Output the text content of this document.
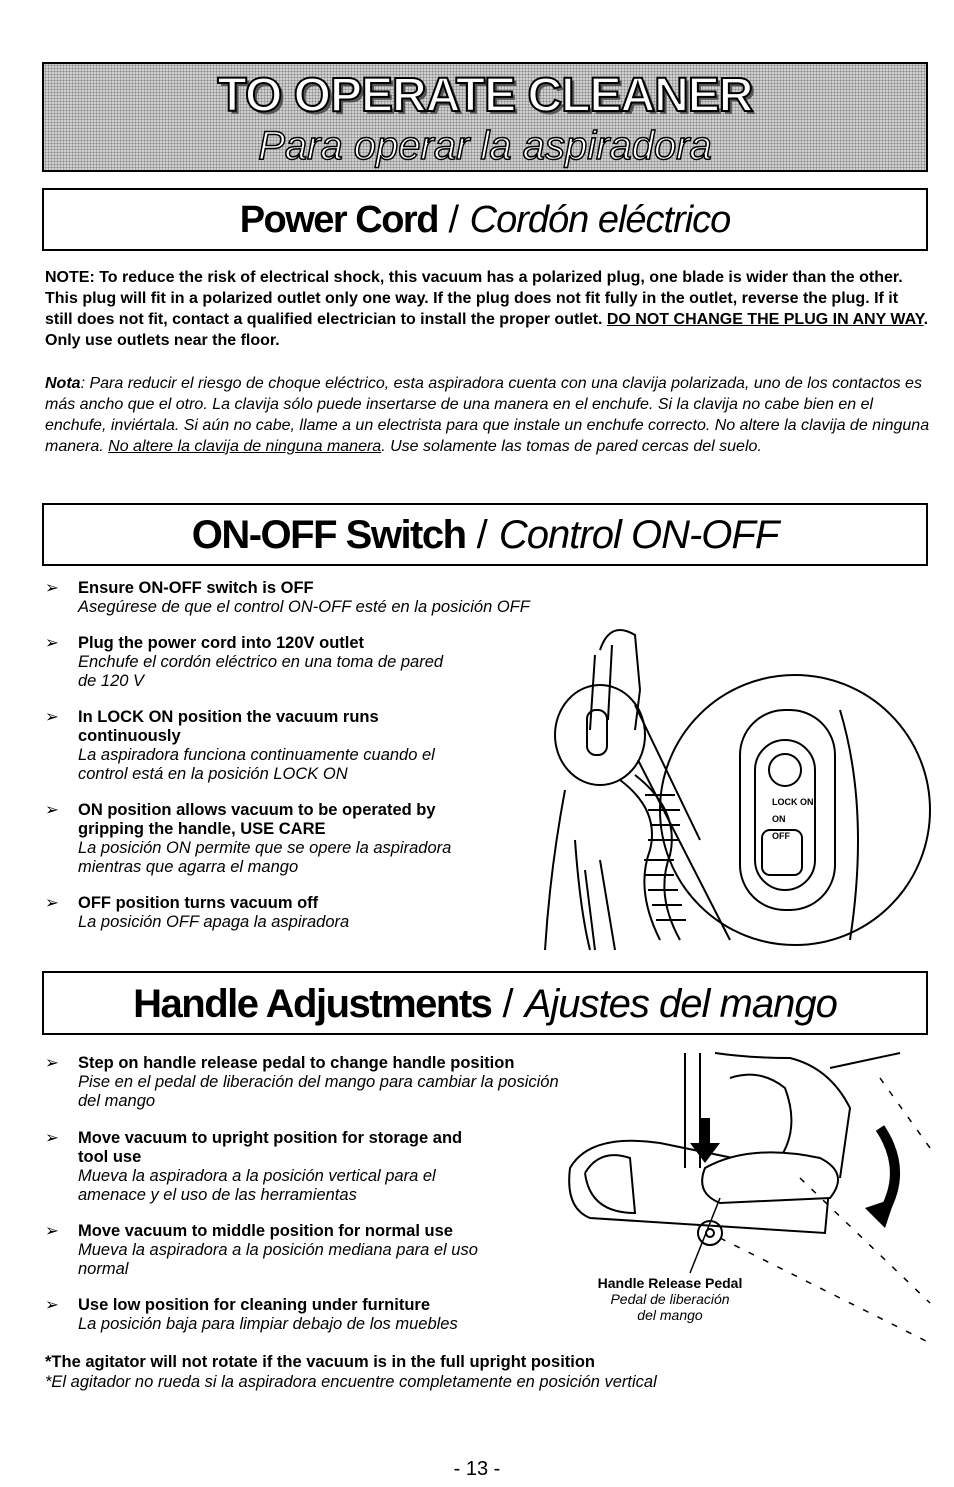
TO OPERATE CLEANER
Para operar la aspiradora
Power Cord / Cordón eléctrico
NOTE: To reduce the risk of electrical shock, this vacuum has a polarized plug, one blade is wider than the other. This plug will fit in a polarized outlet only one way. If the plug does not fit fully in the outlet, reverse the plug. If it still does not fit, contact a qualified electrician to install the proper outlet. DO NOT CHANGE THE PLUG IN ANY WAY. Only use outlets near the floor.
Nota: Para reducir el riesgo de choque eléctrico, esta aspiradora cuenta con una clavija polarizada, uno de los contactos es más ancho que el otro. La clavija sólo puede insertarse de una manera en el enchufe. Si la clavija no cabe bien en el enchufe, inviértala. Si aún no cabe, llame a un electrista para que instale un enchufe correcto. No altere la clavija de ninguna manera. No altere la clavija de ninguna manera. Use solamente las tomas de pared cercas del suelo.
ON-OFF Switch / Control ON-OFF
➢	Ensure ON-OFF switch is OFF
Asegúrese de que el control ON-OFF esté en la posición OFF
➢	Plug the power cord into 120V outlet
Enchufe el cordón eléctrico en una toma de pared
de 120 V
➢	In LOCK ON position the vacuum runs
continuously
La aspiradora funciona continuamente cuando el
control está en la posición LOCK ON
➢	ON position allows vacuum to be operated by
gripping the handle, USE CARE
La posición ON permite que se opere la aspiradora
mientras que agarra el mango
➢	OFF position turns vacuum off
La posición OFF apaga la aspiradora
LOCK ON
ON
OFF
Handle Adjustments / Ajustes del mango
➢	Step on handle release pedal to change handle position
Pise en el pedal de liberación del mango para cambiar la posición
del mango
➢	Move vacuum to upright position for storage and
tool use
Mueva la aspiradora a la posición vertical para el
amenace y el uso de las herramientas
➢	Move vacuum to middle position for normal use
Mueva la aspiradora a la posición mediana para el uso
normal
➢	Use low position for cleaning under furniture
La posición baja para limpiar debajo de los muebles
Handle Release Pedal
Pedal de liberación
del mango
*The agitator will not rotate if the vacuum is in the full upright position
*El agitador no rueda si la aspiradora encuentre completamente en posición vertical
- 13 -
